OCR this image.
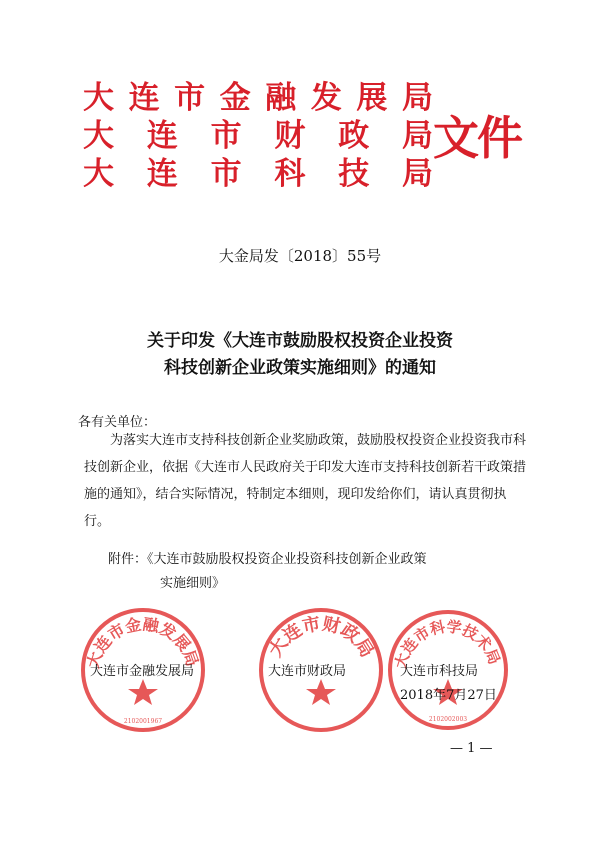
大 连 市 金 融 发 展 局
大 连 市 财 政 局
大 连 市 科 技 局
文件
大金局发〔2018〕55号
关于印发《大连市鼓励股权投资企业投资
科技创新企业政策实施细则》的通知
各有关单位：

为落实大连市支持科技创新企业奖励政策，鼓励股权投资企业投资我市科技创新企业，依据《大连市人民政府关于印发大连市支持科技创新若干政策措施的通知》，结合实际情况，特制定本细则，现印发给你们，请认真贯彻执行。

附件：《大连市鼓励股权投资企业投资科技创新企业政策
实施细则》
大连市金融发展局
2102001967
大连市财政局 大连市科学技术局
2102002003
大连市金融发展局	大连市财政局	大连市科技局
2018年7月27日
— 1 —
